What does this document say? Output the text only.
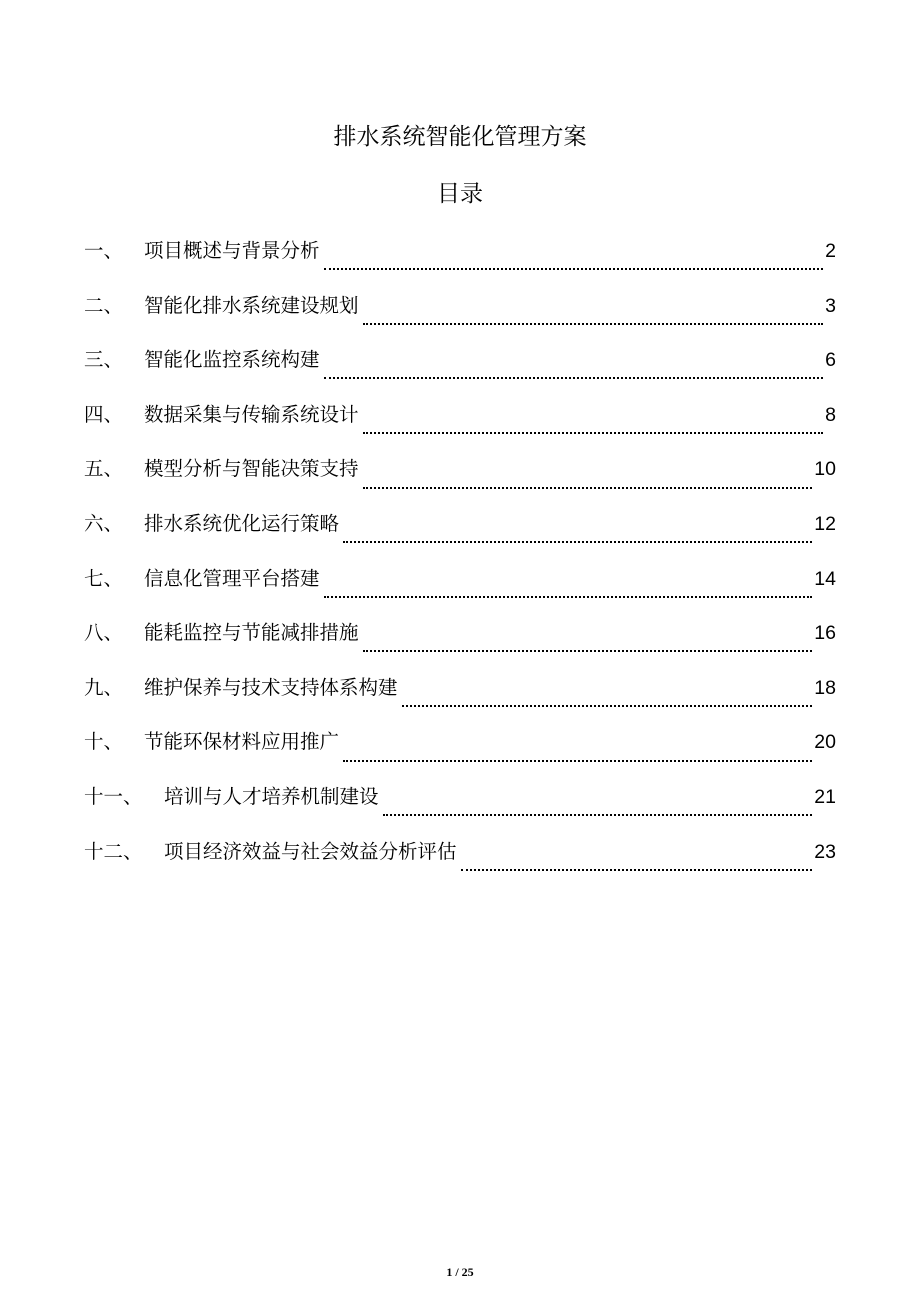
排水系统智能化管理方案
目录
一、	项目概述与背景分析	2
二、	智能化排水系统建设规划	3
三、	智能化监控系统构建	6
四、	数据采集与传输系统设计	8
五、	模型分析与智能决策支持	10
六、	排水系统优化运行策略	12
七、	信息化管理平台搭建	14
八、	能耗监控与节能减排措施	16
九、	维护保养与技术支持体系构建	18
十、	节能环保材料应用推广	20
十一、	培训与人才培养机制建设	21
十二、	项目经济效益与社会效益分析评估	23
1 / 25
